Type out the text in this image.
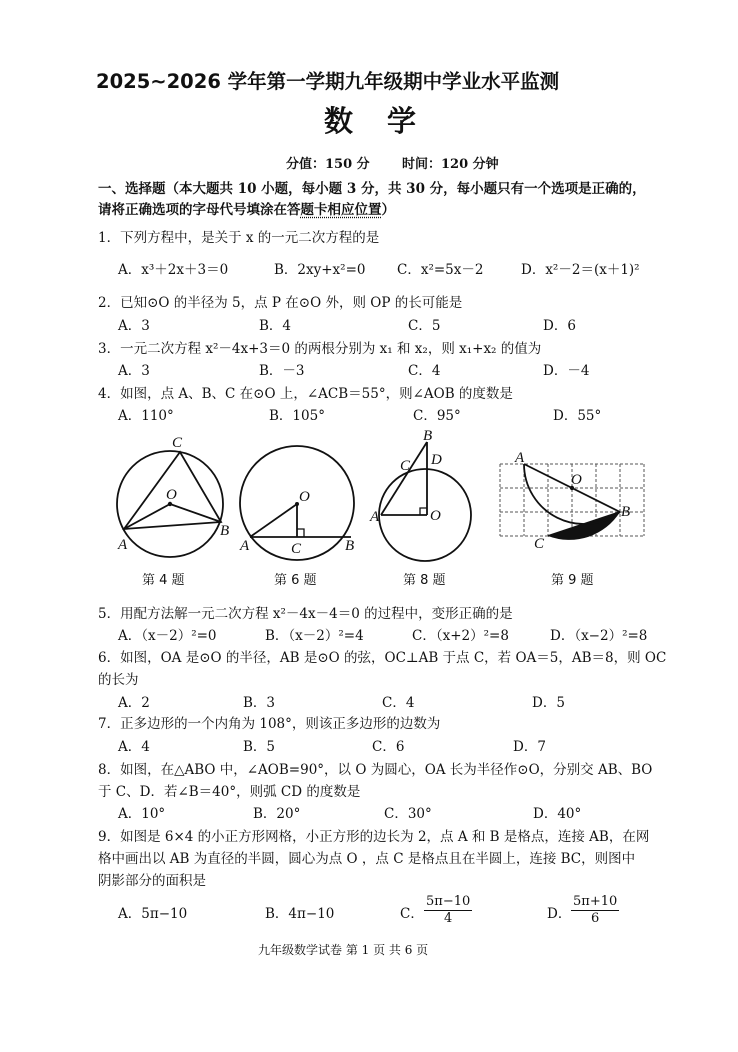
2025~2026 学年第一学期九年级期中学业水平监测
数学
分值：150 分 时间：120 分钟
一、选择题（本大题共 10 小题，每小题 3 分，共 30 分，每小题只有一个选项是正确的，
请将正确选项的字母代号填涂在答题卡相应位置）
1．下列方程中，是关于 x 的一元二次方程的是
A．x³＋2x＋3＝0	B．2xy+x²=0 C．x²=5x－2	D．x²－2＝(x＋1)²
2．已知⊙O 的半径为 5，点 P 在⊙O 外，则 OP 的长可能是
A．3	B．4	C．5	D．6
3．一元二次方程 x²－4x+3＝0 的两根分别为 x₁ 和 x₂，则 x₁+x₂ 的值为
A．3	B．－3	C．4	D．－4
4．如图，点 A、B、C 在⊙O 上，∠ACB＝55°，则∠AOB 的度数是
A．110°	B．105°	C．95°	D．55°
C
O
A
B
O
A	C	B
B
C D
A	O
A
O
B
C
第 4 题	第 6 题	第 8 题	第 9 题
5．用配方法解一元二次方程 x²－4x－4＝0 的过程中，变形正确的是
A．（x－2）²=0	B．（x－2）²=4	C．（x+2）²=8	D．（x−2）²=8
6．如图，OA 是⊙O 的半径，AB 是⊙O 的弦，OC⊥AB 于点 C，若 OA＝5，AB＝8，则 OC
的长为
A．2	B．3	C．4	D．5
7．正多边形的一个内角为 108°，则该正多边形的边数为
A．4	B．5	C．6	D．7
8．如图，在△ABO 中，∠AOB=90°，以 O 为圆心，OA 长为半径作⊙O，分别交 AB、BO
于 C、D．若∠B＝40°，则弧 CD 的度数是
A．10°	B．20°	C．30°	D．40°
9．如图是 6×4 的小正方形网格，小正方形的边长为 2，点 A 和 B 是格点，连接 AB，在网
格中画出以 AB 为直径的半圆，圆心为点 O ，点 C 是格点且在半圆上，连接 BC，则图中
阴影部分的面积是
A．5π−10	B．4π−10	C． $\frac{5\pi-10}{4}$	D． $\frac{5\pi+10}{6}$
九年级数学试卷 第 1 页 共 6 页
